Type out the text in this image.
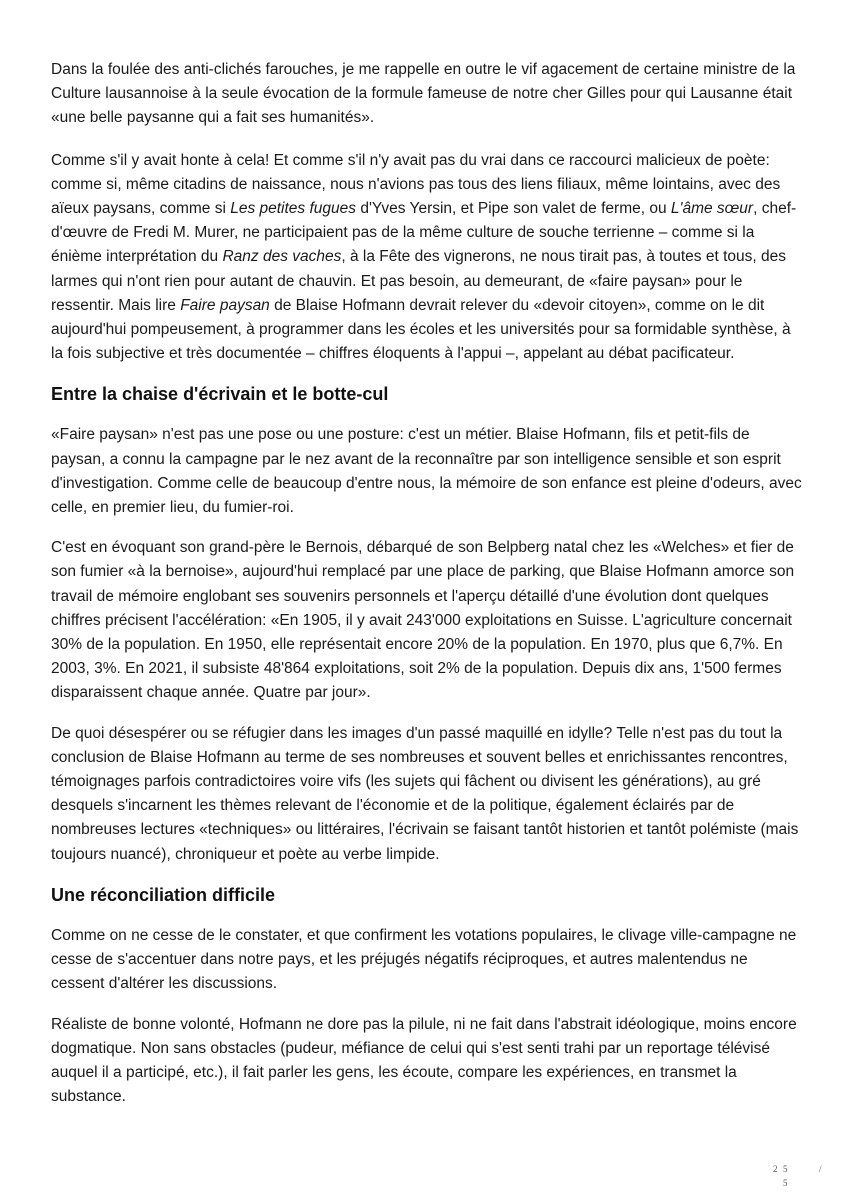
Dans la foulée des anti-clichés farouches, je me rappelle en outre le vif agacement de certaine ministre de la Culture lausannoise à la seule évocation de la formule fameuse de notre cher Gilles pour qui Lausanne était «une belle paysanne qui a fait ses humanités».

Comme s'il y avait honte à cela! Et comme s'il n'y avait pas du vrai dans ce raccourci malicieux de poète: comme si, même citadins de naissance, nous n'avions pas tous des liens filiaux, même lointains, avec des aïeux paysans, comme si Les petites fugues d'Yves Yersin, et Pipe son valet de ferme, ou L'âme sœur, chef-d'œuvre de Fredi M. Murer, ne participaient pas de la même culture de souche terrienne – comme si la énième interprétation du Ranz des vaches, à la Fête des vignerons, ne nous tirait pas, à toutes et tous, des larmes qui n'ont rien pour autant de chauvin. Et pas besoin, au demeurant, de «faire paysan» pour le ressentir. Mais lire Faire paysan de Blaise Hofmann devrait relever du «devoir citoyen», comme on le dit aujourd'hui pompeusement, à programmer dans les écoles et les universités pour sa formidable synthèse, à la fois subjective et très documentée – chiffres éloquents à l'appui –, appelant au débat pacificateur.

Entre la chaise d'écrivain et le botte-cul

«Faire paysan» n'est pas une pose ou une posture: c'est un métier. Blaise Hofmann, fils et petit-fils de paysan, a connu la campagne par le nez avant de la reconnaître par son intelligence sensible et son esprit d'investigation. Comme celle de beaucoup d'entre nous, la mémoire de son enfance est pleine d'odeurs, avec celle, en premier lieu, du fumier-roi.

C'est en évoquant son grand-père le Bernois, débarqué de son Belpberg natal chez les «Welches» et fier de son fumier «à la bernoise», aujourd'hui remplacé par une place de parking, que Blaise Hofmann amorce son travail de mémoire englobant ses souvenirs personnels et l'aperçu détaillé d'une évolution dont quelques chiffres précisent l'accélération: «En 1905, il y avait 243'000 exploitations en Suisse. L'agriculture concernait 30% de la population. En 1950, elle représentait encore 20% de la population. En 1970, plus que 6,7%. En 2003, 3%. En 2021, il subsiste 48'864 exploitations, soit 2% de la population. Depuis dix ans, 1'500 fermes disparaissent chaque année. Quatre par jour».

De quoi désespérer ou se réfugier dans les images d'un passé maquillé en idylle? Telle n'est pas du tout la conclusion de Blaise Hofmann au terme de ses nombreuses et souvent belles et enrichissantes rencontres, témoignages parfois contradictoires voire vifs (les sujets qui fâchent ou divisent les générations), au gré desquels s'incarnent les thèmes relevant de l'économie et de la politique, également éclairés par de nombreuses lectures «techniques» ou littéraires, l'écrivain se faisant tantôt historien et tantôt polémiste (mais toujours nuancé), chroniqueur et poète au verbe limpide.

Une réconciliation difficile

Comme on ne cesse de le constater, et que confirment les votations populaires, le clivage ville-campagne ne cesse de s'accentuer dans notre pays, et les préjugés négatifs réciproques, et autres malentendus ne cessent d'altérer les discussions.

Réaliste de bonne volonté, Hofmann ne dore pas la pilule, ni ne fait dans l'abstrait idéologique, moins encore dogmatique. Non sans obstacles (pudeur, méfiance de celui qui s'est senti trahi par un reportage télévisé auquel il a participé, etc.), il fait parler les gens, les écoute, compare les expériences, en transmet la substance.

2 5	/
5
